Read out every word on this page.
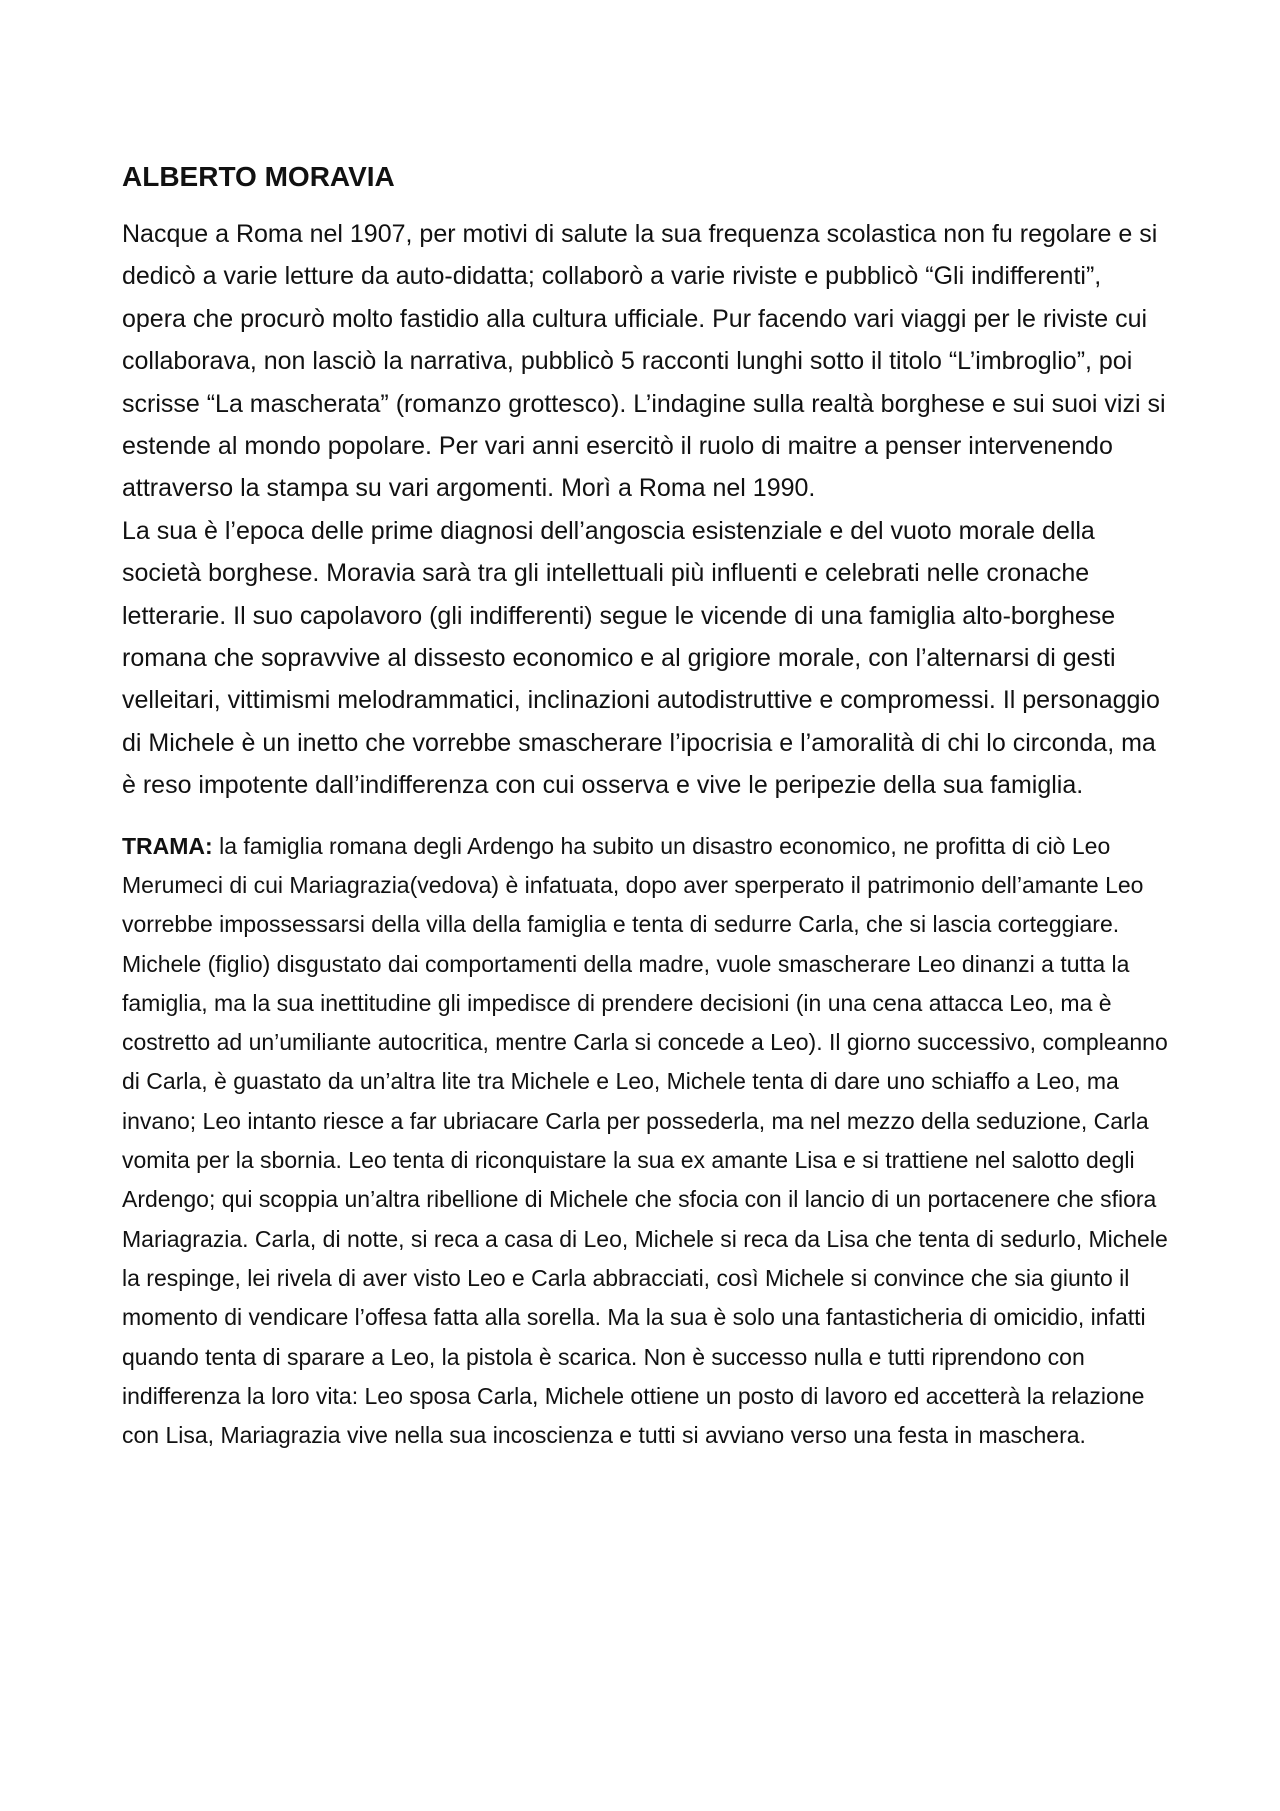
ALBERTO MORAVIA

Nacque a Roma nel 1907, per motivi di salute la sua frequenza scolastica non fu regolare e si dedicò a varie letture da auto-didatta; collaborò a varie riviste e pubblicò “Gli indifferenti”, opera che procurò molto fastidio alla cultura ufficiale. Pur facendo vari viaggi per le riviste cui collaborava, non lasciò la narrativa, pubblicò 5 racconti lunghi sotto il titolo “L’imbroglio”, poi scrisse “La mascherata” (romanzo grottesco). L’indagine sulla realtà borghese e sui suoi vizi si estende al mondo popolare. Per vari anni esercitò il ruolo di maitre a penser intervenendo attraverso la stampa su vari argomenti. Morì a Roma nel 1990.

La sua è l’epoca delle prime diagnosi dell’angoscia esistenziale e del vuoto morale della società borghese. Moravia sarà tra gli intellettuali più influenti e celebrati nelle cronache letterarie. Il suo capolavoro (gli indifferenti) segue le vicende di una famiglia alto-borghese romana che sopravvive al dissesto economico e al grigiore morale, con l’alternarsi di gesti velleitari, vittimismi melodrammatici, inclinazioni autodistruttive e compromessi. Il personaggio di Michele è un inetto che vorrebbe smascherare l’ipocrisia e l’amoralità di chi lo circonda, ma è reso impotente dall’indifferenza con cui osserva e vive le peripezie della sua famiglia.

TRAMA: la famiglia romana degli Ardengo ha subito un disastro economico, ne profitta di ciò Leo Merumeci di cui Mariagrazia(vedova) è infatuata, dopo aver sperperato il patrimonio dell’amante Leo vorrebbe impossessarsi della villa della famiglia e tenta di sedurre Carla, che si lascia corteggiare. Michele (figlio) disgustato dai comportamenti della madre, vuole smascherare Leo dinanzi a tutta la famiglia, ma la sua inettitudine gli impedisce di prendere decisioni (in una cena attacca Leo, ma è costretto ad un’umiliante autocritica, mentre Carla si concede a Leo). Il giorno successivo, compleanno di Carla, è guastato da un’altra lite tra Michele e Leo, Michele tenta di dare uno schiaffo a Leo, ma invano; Leo intanto riesce a far ubriacare Carla per possederla, ma nel mezzo della seduzione, Carla vomita per la sbornia. Leo tenta di riconquistare la sua ex amante Lisa e si trattiene nel salotto degli Ardengo; qui scoppia un’altra ribellione di Michele che sfocia con il lancio di un portacenere che sfiora Mariagrazia. Carla, di notte, si reca a casa di Leo, Michele si reca da Lisa che tenta di sedurlo, Michele la respinge, lei rivela di aver visto Leo e Carla abbracciati, così Michele si convince che sia giunto il momento di vendicare l’offesa fatta alla sorella. Ma la sua è solo una fantasticheria di omicidio, infatti quando tenta di sparare a Leo, la pistola è scarica. Non è successo nulla e tutti riprendono con indifferenza la loro vita: Leo sposa Carla, Michele ottiene un posto di lavoro ed accetterà la relazione con Lisa, Mariagrazia vive nella sua incoscienza e tutti si avviano verso una festa in maschera.
